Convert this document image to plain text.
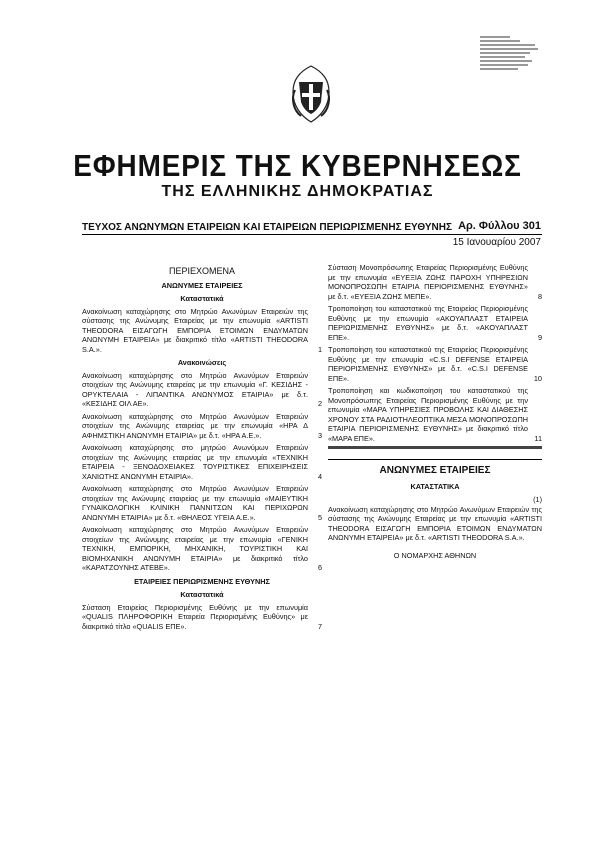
ΕΦΗΜΕΡΙΣ ΤΗΣ ΚΥΒΕΡΝΗΣΕΩΣ
ΤΗΣ ΕΛΛΗΝΙΚΗΣ ΔΗΜΟΚΡΑΤΙΑΣ
ΤΕΥΧΟΣ ΑΝΩΝΥΜΩΝ ΕΤΑΙΡΕΙΩΝ ΚΑΙ ΕΤΑΙΡΕΙΩΝ ΠΕΡΙΩΡΙΣΜΕΝΗΣ ΕΥΘΥΝΗΣ Αρ. Φύλλου 301
15 Ιανουαρίου 2007
ΠΕΡΙΕΧΟΜΕΝΑ
ΑΝΩΝΥΜΕΣ ΕΤΑΙΡΕΙΕΣ
Καταστατικά
Ανακοίνωση καταχώρησης στο Μητρώο Ανωνύμων Εταιρειών της σύστασης της Ανώνυμης Εταιρείας με την επωνυμία «ARTISTI THEODORA ΕΙΣΑΓΩΓΗ ΕΜΠΟΡΙΑ ΕΤΟΙΜΩΝ ΕΝΔΥΜΑΤΩΝ ΑΝΩΝΥΜΗ ΕΤΑΙΡΕΙΑ» με διακριτικό τίτλο «ARTISTI THEODORA S.A.».	1
Ανακοινώσεις
Ανακοίνωση καταχώρησης στο Μητρώο Ανωνύμων Εταιρειών στοιχείων της Ανώνυμης εταιρείας με την επωνυμία «Γ. ΚΕΣΙΔΗΣ - ΟΡΥΚΤΕΛΑΙΑ - ΛΙΠΑΝΤΙΚΑ ΑΝΩΝΥΜΟΣ ΕΤΑΙΡΙΑ» με δ.τ. «ΚΕΣΙΔΗΣ ΟΙΛ ΑΕ».	2
Ανακοίνωση καταχώρησης στο Μητρώο Ανωνύμων Εταιρειών στοιχείων της Ανώνυμης εταιρείας με την επωνυμία «ΗΡΑ Δ ΑΦΗΜΣΤΙΚΗ ΑΝΩΝΥΜΗ ΕΤΑΙΡΙΑ» με δ.τ. «ΗΡΑ Α.Ε.».	3
Ανακοίνωση καταχώρησης στο μητρώο Ανωνύμων Εταιρειών στοιχείων της Ανώνυμης εταιρείας με την επωνυμία «ΤΕΧΝΙΚΗ ΕΤΑΙΡΕΙΑ - ΞΕΝΟΔΟΧΕΙΑΚΕΣ ΤΟΥΡΙΣΤΙΚΕΣ ΕΠΙΧΕΙΡΗΣΕΙΣ ΧΑΝΙΩΤΗΣ ΑΝΩΝΥΜΗ ΕΤΑΙΡΙΑ».	4
Ανακοίνωση καταχώρησης στο Μητρώο Ανωνύμων Εταιρειών στοιχείων της Ανώνυμης εταιρείας με την επωνυμία «ΜΑΙΕΥΤΙΚΗ ΓΥΝΑΙΚΟΛΟΓΙΚΗ ΚΛΙΝΙΚΗ ΠΑΝΝΙΤΣΩΝ ΚΑΙ ΠΕΡΙΧΩΡΩΝ ΑΝΩΝΥΜΗ ΕΤΑΙΡΙΑ» με δ.τ. «ΘΗΛΕΟΣ ΥΓΕΙΑ Α.Ε.».	5
Ανακοίνωση καταχώρησης στο Μητρώο Ανωνύμων Εταιρειών στοιχείων της Ανώνυμης εταιρείας με την επωνυμία «ΓΕΝΙΚΗ ΤΕΧΝΙΚΗ, ΕΜΠΟΡΙΚΗ, ΜΗΧΑΝΙΚΗ, ΤΟΥΡΙΣΤΙΚΗ ΚΑΙ ΒΙΟΜΗΧΑΝΙΚΗ ΑΝΩΝΥΜΗ ΕΤΑΙΡΙΑ» με διακριτικό τίτλο «ΚΑΡΑΤΖΟΥΝΗΣ ΑΤΕΒΕ».	6
ΕΤΑΙΡΕΙΕΣ ΠΕΡΙΩΡΙΣΜΕΝΗΣ ΕΥΘΥΝΗΣ
Καταστατικά
Σύσταση Εταιρείας Περιορισμένης Ευθύνης με την επωνυμία «QUALIS ΠΛΗΡΟΦΟΡΙΚΗ Εταιρεία Περιορισμένης Ευθύνης» με διακριτικό τίτλο «QUALIS ΕΠΕ».	7
Σύσταση Μονοπρόσωπης Εταιρείας Περιορισμένης Ευθύνης με την επωνυμία «ΕΥΕΞΙΑ ΖΩΗΣ ΠΑΡΟΧΗ ΥΠΗΡΕΣΙΩΝ ΜΟΝΟΠΡΟΣΩΠΗ ΕΤΑΙΡΙΑ ΠΕΡΙΟΡΙΣΜΕΝΗΣ ΕΥΘΥΝΗΣ» με δ.τ. «ΕΥΕΞΙΑ ΖΩΗΣ ΜΕΠΕ».	8
Τροποποίηση του καταστατικού της Εταιρείας Περιορισμένης Ευθύνης με την επωνυμία «ΑΚΟΥΑΠΛΑΣΤ ΕΤΑΙΡΕΙΑ ΠΕΡΙΩΡΙΣΜΕΝΗΣ ΕΥΘΥΝΗΣ» με δ.τ. «ΑΚΟΥΑΠΛΑΣΤ ΕΠΕ».	9
Τροποποίηση του καταστατικού της Εταιρείας Περιορισμένης Ευθύνης με την επωνυμία «C.S.I DEFENSE ΕΤΑΙΡΕΙΑ ΠΕΡΙΟΡΙΣΜΕΝΗΣ ΕΥΘΥΝΗΣ» με δ.τ. «C.S.I DEFENSE ΕΠΕ».	10
Τροποποίηση και κωδικοποίηση του καταστατικού της Μονοπρόσωπης Εταιρείας Περιορισμένης Ευθύνης με την επωνυμία «ΜΑΡΑ ΥΠΗΡΕΣΙΕΣ ΠΡΟΒΟΛΗΣ ΚΑΙ ΔΙΑΘΕΣΗΣ ΧΡΟΝΟΥ ΣΤΑ ΡΑΔΙΟΤΗΛΕΟΠΤΙΚΑ ΜΕΣΑ ΜΟΝΟΠΡΟΣΩΠΗ ΕΤΑΙΡΙΑ ΠΕΡΙΟΡΙΣΜΕΝΗΣ ΕΥΘΥΝΗΣ» με διακριτικό τίτλο «ΜΑΡΑ ΕΠΕ».	11
ΑΝΩΝΥΜΕΣ ΕΤΑΙΡΕΙΕΣ
ΚΑΤΑΣΤΑΤΙΚΑ
(1)
Ανακοίνωση καταχώρησης στο Μητρώο Ανωνύμων Εταιρειών της σύστασης της Ανώνυμης Εταιρείας με την επωνυμία «ARTISTI THEODORA ΕΙΣΑΓΩΓΗ ΕΜΠΟΡΙΑ ΕΤΟΙΜΩΝ ΕΝΔΥΜΑΤΩΝ ΑΝΩΝΥΜΗ ΕΤΑΙΡΕΙΑ» με δ.τ. «ARTISTI THEODORA S.A.».
Ο ΝΟΜΑΡΧΗΣ ΑΘΗΝΩΝ
